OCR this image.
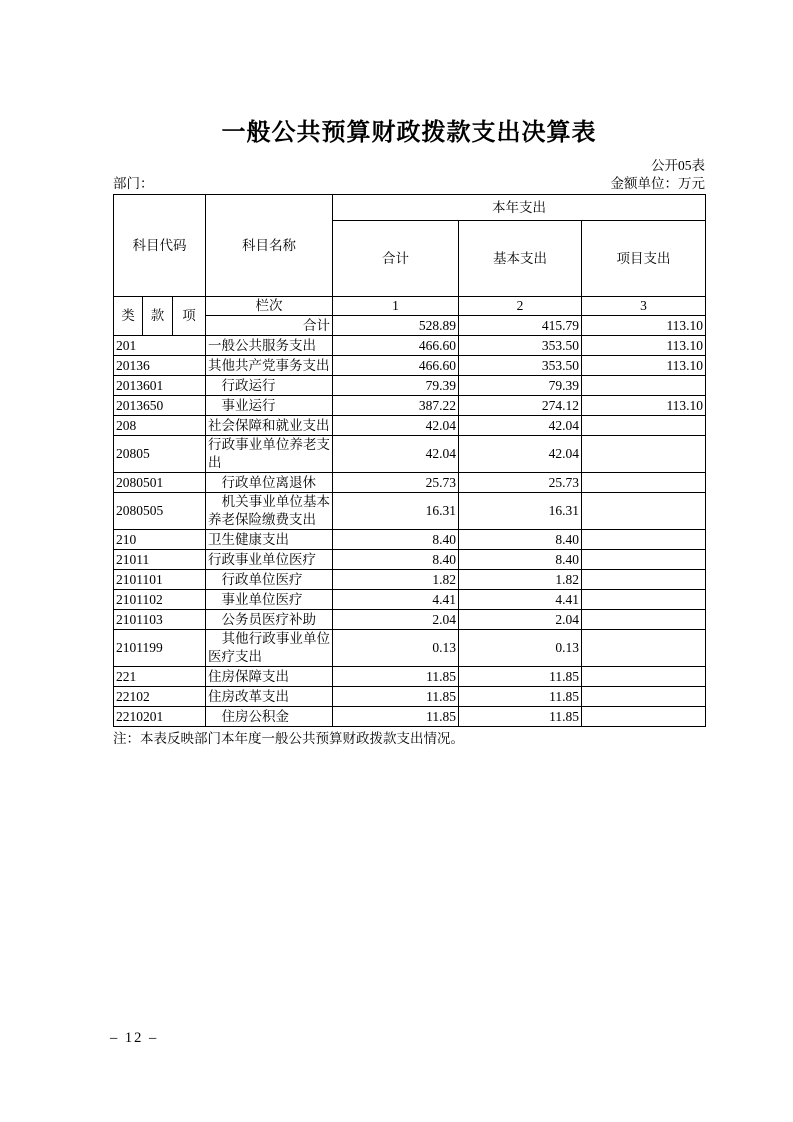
一般公共预算财政拨款支出决算表
公开05表
部门：	金额单位：万元
科目代码			科目名称	本年支出		
				合计	基本支出	项目支出
类	款	项	栏次	1	2	3
			合计	528.89	415.79	113.10
201			一般公共服务支出	466.60	353.50	113.10
20136			其他共产党事务支出	466.60	353.50	113.10
2013601			　行政运行	79.39	79.39	
2013650			　事业运行	387.22	274.12	113.10
208			社会保障和就业支出	42.04	42.04	
20805			行政事业单位养老支出	42.04	42.04	
2080501			　行政单位离退休	25.73	25.73	
2080505			　机关事业单位基本养老保险缴费支出	16.31	16.31	
210			卫生健康支出	8.40	8.40	
21011			行政事业单位医疗	8.40	8.40	
2101101			　行政单位医疗	1.82	1.82	
2101102			　事业单位医疗	4.41	4.41	
2101103			　公务员医疗补助	2.04	2.04	
2101199			　其他行政事业单位医疗支出	0.13	0.13	
221			住房保障支出	11.85	11.85	
22102			住房改革支出	11.85	11.85	
2210201			　住房公积金	11.85	11.85	
注：本表反映部门本年度一般公共预算财政拨款支出情况。
– 12 –
